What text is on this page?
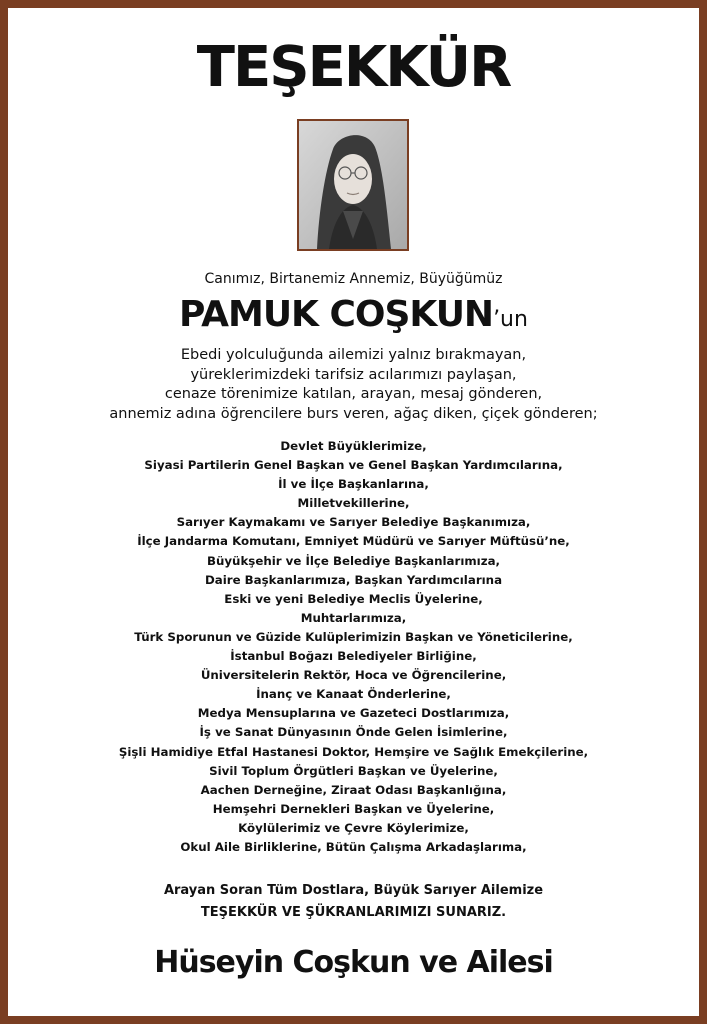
TEŞEKKÜR
Canımız, Birtanemiz Annemiz, Büyüğümüz
PAMUK COŞKUN’un
Ebedi yolculuğunda ailemizi yalnız bırakmayan,
yüreklerimizdeki tarifsiz acılarımızı paylaşan,
cenaze törenimize katılan, arayan, mesaj gönderen,
annemiz adına öğrencilere burs veren, ağaç diken, çiçek gönderen;
Devlet Büyüklerimize,
Siyasi Partilerin Genel Başkan ve Genel Başkan Yardımcılarına,
İl ve İlçe Başkanlarına,
Milletvekillerine,
Sarıyer Kaymakamı ve Sarıyer Belediye Başkanımıza,
İlçe Jandarma Komutanı, Emniyet Müdürü ve Sarıyer Müftüsü’ne,
Büyükşehir ve İlçe Belediye Başkanlarımıza,
Daire Başkanlarımıza, Başkan Yardımcılarına
Eski ve yeni Belediye Meclis Üyelerine,
Muhtarlarımıza,
Türk Sporunun ve Güzide Kulüplerimizin Başkan ve Yöneticilerine,
İstanbul Boğazı Belediyeler Birliğine,
Üniversitelerin Rektör, Hoca ve Öğrencilerine,
İnanç ve Kanaat Önderlerine,
Medya Mensuplarına ve Gazeteci Dostlarımıza,
İş ve Sanat Dünyasının Önde Gelen İsimlerine,
Şişli Hamidiye Etfal Hastanesi Doktor, Hemşire ve Sağlık Emekçilerine,
Sivil Toplum Örgütleri Başkan ve Üyelerine,
Aachen Derneğine, Ziraat Odası Başkanlığına,
Hemşehri Dernekleri Başkan ve Üyelerine,
Köylülerimiz ve Çevre Köylerimize,
Okul Aile Birliklerine, Bütün Çalışma Arkadaşlarıma,
Arayan Soran Tüm Dostlara, Büyük Sarıyer Ailemize
TEŞEKKÜR VE ŞÜKRANLARIMIZI SUNARIZ.
Hüseyin Coşkun ve Ailesi
